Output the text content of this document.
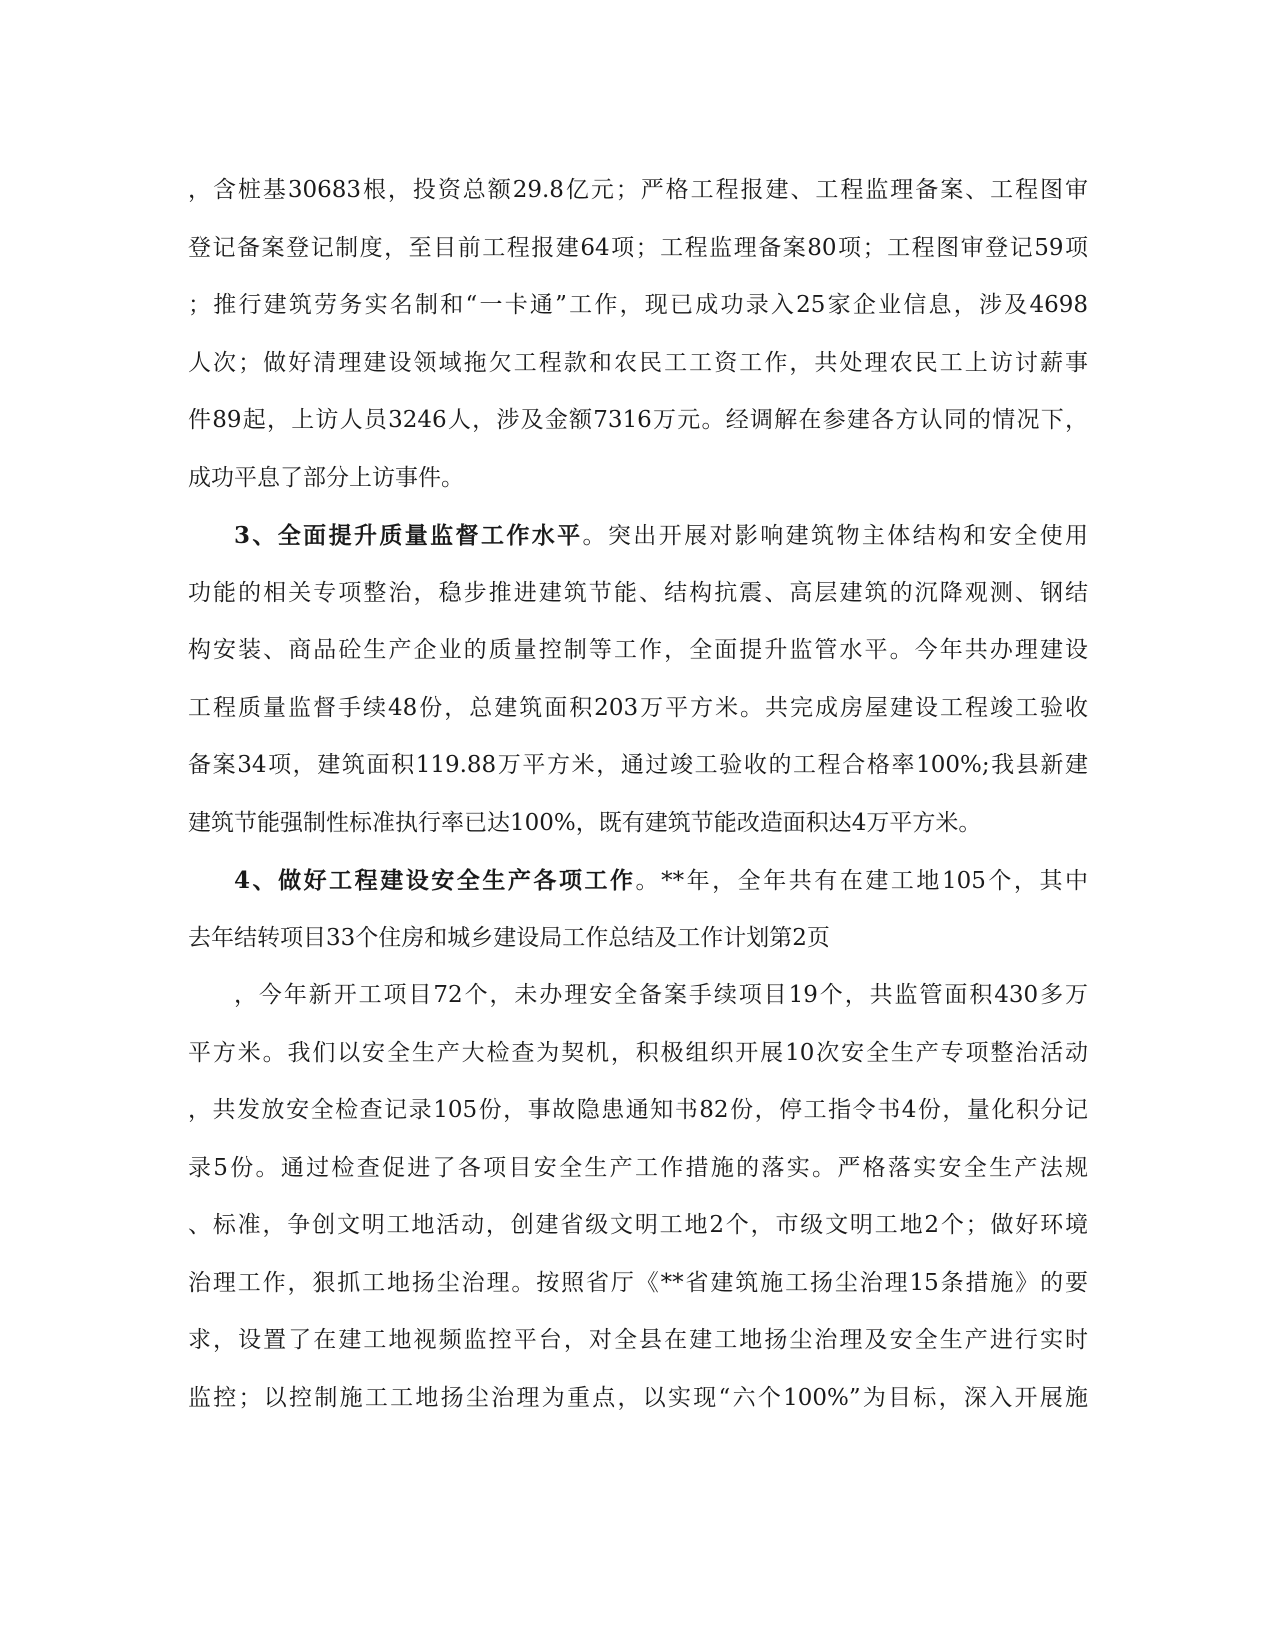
，含桩基30683根，投资总额29.8亿元；严格工程报建、工程监理备案、工程图审
登记备案登记制度，至目前工程报建64项；工程监理备案80项；工程图审登记59项
；推行建筑劳务实名制和“一卡通”工作，现已成功录入25家企业信息，涉及4698
人次；做好清理建设领域拖欠工程款和农民工工资工作，共处理农民工上访讨薪事
件89起，上访人员3246人，涉及金额7316万元。经调解在参建各方认同的情况下，
成功平息了部分上访事件。
3、全面提升质量监督工作水平。突出开展对影响建筑物主体结构和安全使用
功能的相关专项整治，稳步推进建筑节能、结构抗震、高层建筑的沉降观测、钢结
构安装、商品砼生产企业的质量控制等工作，全面提升监管水平。今年共办理建设
工程质量监督手续48份，总建筑面积203万平方米。共完成房屋建设工程竣工验收
备案34项，建筑面积119.88万平方米，通过竣工验收的工程合格率100%;我县新建
建筑节能强制性标准执行率已达100%，既有建筑节能改造面积达4万平方米。
4、做好工程建设安全生产各项工作。**年，全年共有在建工地105个，其中
去年结转项目33个住房和城乡建设局工作总结及工作计划第2页
，今年新开工项目72个，未办理安全备案手续项目19个，共监管面积430多万
平方米。我们以安全生产大检查为契机，积极组织开展10次安全生产专项整治活动
，共发放安全检查记录105份，事故隐患通知书82份，停工指令书4份，量化积分记
录5份。通过检查促进了各项目安全生产工作措施的落实。严格落实安全生产法规
、标准，争创文明工地活动，创建省级文明工地2个，市级文明工地2个；做好环境
治理工作，狠抓工地扬尘治理。按照省厅《**省建筑施工扬尘治理15条措施》的要
求，设置了在建工地视频监控平台，对全县在建工地扬尘治理及安全生产进行实时
监控；以控制施工工地扬尘治理为重点，以实现“六个100%”为目标，深入开展施
